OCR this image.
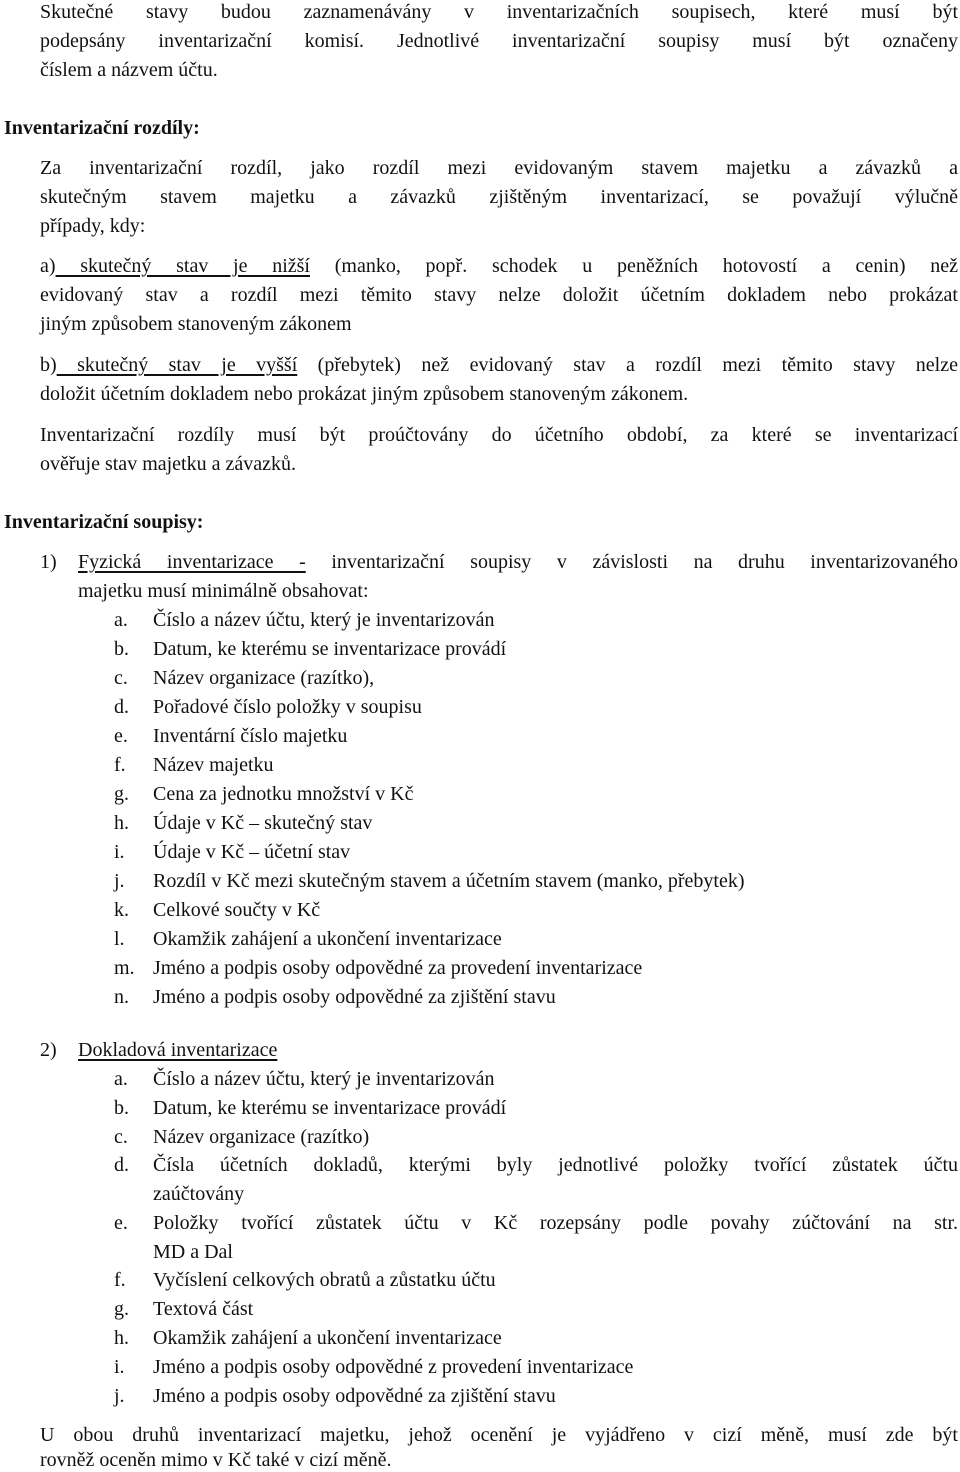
Skutečné stavy budou zaznamenávány v inventarizačních soupisech, které musí být
podepsány inventarizační komisí. Jednotlivé inventarizační soupisy musí být označeny
číslem a názvem účtu.
Inventarizační rozdíly:
Za inventarizační rozdíl, jako rozdíl mezi evidovaným stavem majetku a závazků a
skutečným stavem majetku a závazků zjištěným inventarizací, se považují výlučně
případy, kdy:
a) skutečný stav je nižší (manko, popř. schodek u peněžních hotovostí a cenin) než
evidovaný stav a rozdíl mezi těmito stavy nelze doložit účetním dokladem nebo prokázat
jiným způsobem stanoveným zákonem
b) skutečný stav je vyšší (přebytek) než evidovaný stav a rozdíl mezi těmito stavy nelze
doložit účetním dokladem nebo prokázat jiným způsobem stanoveným zákonem.
Inventarizační rozdíly musí být proúčtovány do účetního období, za které se inventarizací
ověřuje stav majetku a závazků.
Inventarizační soupisy:
1) Fyzická inventarizace - inventarizační soupisy v závislosti na druhu inventarizovaného
majetku musí minimálně obsahovat:
a. Číslo a název účtu, který je inventarizován
b. Datum, ke kterému se inventarizace provádí
c. Název organizace (razítko),
d. Pořadové číslo položky v soupisu
e. Inventární číslo majetku
f. Název majetku
g. Cena za jednotku množství v Kč
h. Údaje v Kč – skutečný stav
i. Údaje v Kč – účetní stav
j. Rozdíl v Kč mezi skutečným stavem a účetním stavem (manko, přebytek)
k. Celkové součty v Kč
l. Okamžik zahájení a ukončení inventarizace
m. Jméno a podpis osoby odpovědné za provedení inventarizace
n. Jméno a podpis osoby odpovědné za zjištění stavu
2) Dokladová inventarizace
a. Číslo a název účtu, který je inventarizován
b. Datum, ke kterému se inventarizace provádí
c. Název organizace (razítko)
d. Čísla účetních dokladů, kterými byly jednotlivé položky tvořící zůstatek účtu
zaúčtovány
e. Položky tvořící zůstatek účtu v Kč rozepsány podle povahy zúčtování na str.
MD a Dal
f. Vyčíslení celkových obratů a zůstatku účtu
g. Textová část
h. Okamžik zahájení a ukončení inventarizace
i. Jméno a podpis osoby odpovědné z provedení inventarizace
j. Jméno a podpis osoby odpovědné za zjištění stavu
U obou druhů inventarizací majetku, jehož ocenění je vyjádřeno v cizí měně, musí zde být
rovněž oceněn mimo v Kč také v cizí měně.
